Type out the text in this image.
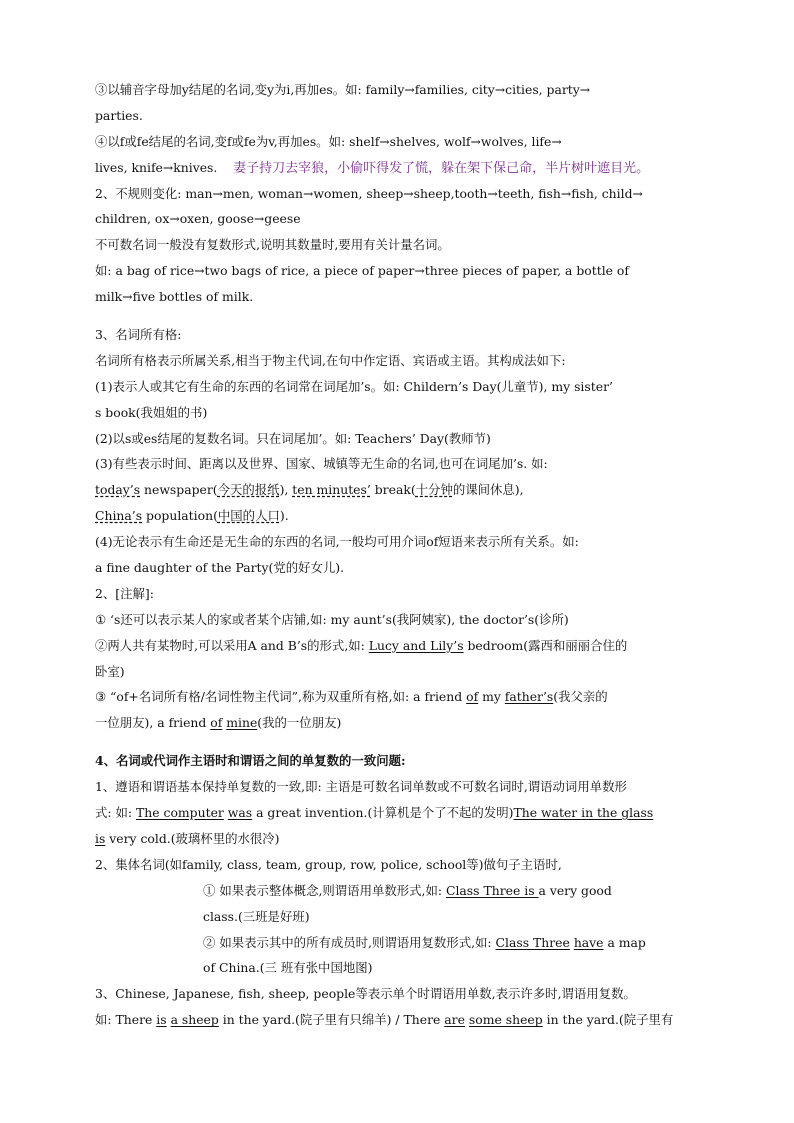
③以辅音字母加y结尾的名词,变y为i,再加es。如: family→families, city→cities, party→
parties.
④以f或fe结尾的名词,变f或fe为v,再加es。如: shelf→shelves, wolf→wolves, life→
lives, knife→knives. 妻子持刀去宰狼，小偷吓得发了慌，躲在架下保己命，半片树叶遮目光。
2、不规则变化: man→men, woman→women, sheep→sheep,tooth→teeth, fish→fish, child→
children, ox→oxen, goose→geese
不可数名词一般没有复数形式,说明其数量时,要用有关计量名词。
如: a bag of rice→two bags of rice, a piece of paper→three pieces of paper, a bottle of
milk→five bottles of milk.
3、名词所有格:
名词所有格表示所属关系,相当于物主代词,在句中作定语、宾语或主语。其构成法如下:
(1)表示人或其它有生命的东西的名词常在词尾加’s。如: Childern’s Day(儿童节), my sister’
s book(我姐姐的书)
(2)以s或es结尾的复数名词。只在词尾加’。如: Teachers’ Day(教师节)
(3)有些表示时间、距离以及世界、国家、城镇等无生命的名词,也可在词尾加’s. 如:
today’s newspaper(今天的报纸), ten minutes’ break(十分钟的课间休息),
China’s population(中国的人口).
(4)无论表示有生命还是无生命的东西的名词,一般均可用介词of短语来表示所有关系。如:
a fine daughter of the Party(党的好女儿).
2、[注解]:
① ‘s还可以表示某人的家或者某个店铺,如: my aunt’s(我阿姨家), the doctor’s(诊所)
②两人共有某物时,可以采用A and B’s的形式,如: Lucy and Lily’s bedroom(露西和丽丽合住的
卧室)
③ “of+名词所有格/名词性物主代词”,称为双重所有格,如: a friend of my father’s(我父亲的
一位朋友), a friend of mine(我的一位朋友)
4、名词或代词作主语时和谓语之间的单复数的一致问题:
1、遵语和谓语基本保持单复数的一致,即: 主语是可数名词单数或不可数名词时,谓语动词用单数形
式: 如: The computer was a great invention.(计算机是个了不起的发明)The water in the glass
is very cold.(玻璃杯里的水很冷)
2、集体名词(如family, class, team, group, row, police, school等)做句子主语时,
① 如果表示整体概念,则谓语用单数形式,如: Class Three is a very good
class.(三班是好班)
② 如果表示其中的所有成员时,则谓语用复数形式,如: Class Three have a map
of China.(三 班有张中国地图)
3、Chinese, Japanese, fish, sheep, people等表示单个时谓语用单数,表示许多时,谓语用复数。
如: There is a sheep in the yard.(院子里有只绵羊) / There are some sheep in the yard.(院子里有
